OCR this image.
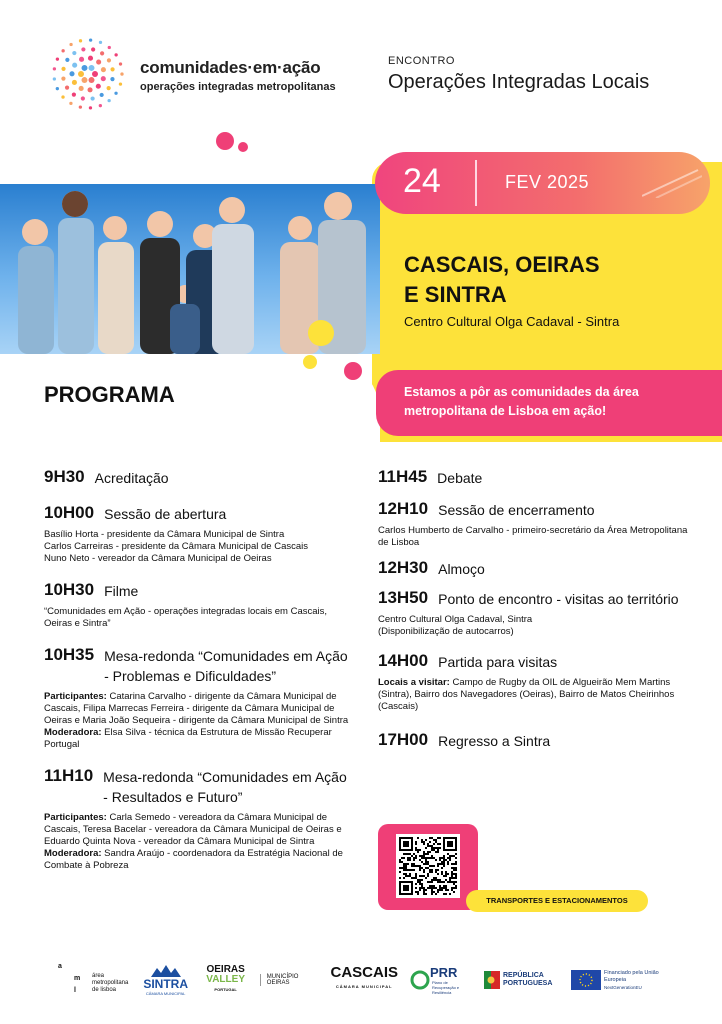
comunidades·em·ação
operações integradas metropolitanas
ENCONTRO
Operações Integradas Locais
24	FEV 2025
CASCAIS, OEIRAS
E SINTRA
Centro Cultural Olga Cadaval - Sintra
PROGRAMA	Estamos a pôr as comunidades da área metropolitana de Lisboa em ação!
9H30 Acreditação
10H00 Sessão de abertura
Basílio Horta - presidente da Câmara Municipal de Sintra
Carlos Carreiras - presidente da Câmara Municipal de Cascais
Nuno Neto - vereador da Câmara Municipal de Oeiras
10H30 Filme
“Comunidades em Ação - operações integradas locais em Cascais, Oeiras e Sintra”
10H35 Mesa-redonda “Comunidades em Ação - Problemas e Dificuldades”
Participantes: Catarina Carvalho - dirigente da Câmara Municipal de Cascais, Filipa Marrecas Ferreira - dirigente da Câmara Municipal de Oeiras e Maria João Sequeira - dirigente da Câmara Municipal de Sintra
Moderadora: Elsa Silva - técnica da Estrutura de Missão Recuperar Portugal
11H10 Mesa-redonda “Comunidades em Ação - Resultados e Futuro”
Participantes: Carla Semedo - vereadora da Câmara Municipal de Cascais, Teresa Bacelar - vereadora da Câmara Municipal de Oeiras e Eduardo Quinta Nova - vereador da Câmara Municipal de Sintra
Moderadora: Sandra Araújo - coordenadora da Estratégia Nacional de Combate à Pobreza
11H45 Debate
12H10 Sessão de encerramento
Carlos Humberto de Carvalho - primeiro-secretário da Área Metropolitana de Lisboa
12H30 Almoço
13H50 Ponto de encontro - visitas ao território
Centro Cultural Olga Cadaval, Sintra
(Disponibilização de autocarros)
14H00 Partida para visitas
Locais a visitar: Campo de Rugby da OIL de Algueirão Mem Martins (Sintra), Bairro dos Navegadores (Oeiras), Bairro de Matos Cheirinhos (Cascais)
17H00 Regresso a Sintra
TRANSPORTES E ESTACIONAMENTOS
a
m
l
área
metropolitana
de lisboa	SINTRA
CÂMARA MUNICIPAL
OEIRAS
VALLEY
PORTUGAL
MUNICÍPIO OEIRAS
CASCAIS
CÂMARA MUNICIPAL
PRR
Plano de Recuperação e Resiliência
REPÚBLICA PORTUGUESA
Financiado pela União Europeia
NextGenerationEU
